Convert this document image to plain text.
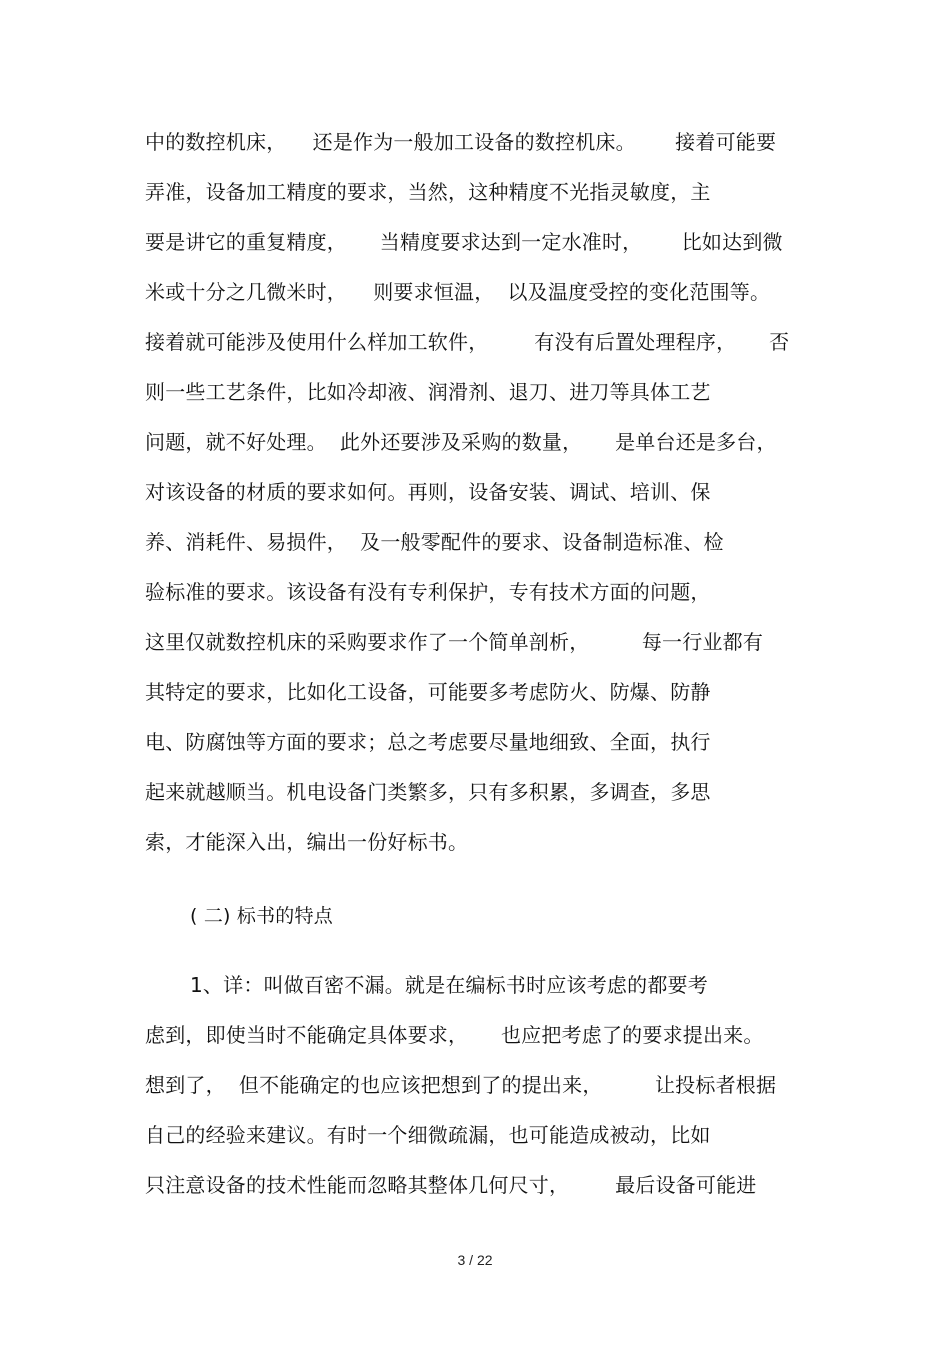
中的数控机床，    还是作为一般加工设备的数控机床。      接着可能要
弄准，设备加工精度的要求，当然，这种精度不光指灵敏度，主
要是讲它的重复精度，     当精度要求达到一定水准时，      比如达到微
米或十分之几微米时，    则要求恒温，  以及温度受控的变化范围等。
接着就可能涉及使用什么样加工软件，       有没有后置处理程序，     否
则一些工艺条件，比如冷却液、润滑剂、退刀、进刀等具体工艺
问题，就不好处理。  此外还要涉及采购的数量，     是单台还是多台，
对该设备的材质的要求如何。再则，设备安装、调试、培训、保
养、消耗件、易损件，  及一般零配件的要求、设备制造标准、检
验标准的要求。该设备有没有专利保护，专有技术方面的问题，
这里仅就数控机床的采购要求作了一个简单剖析，        每一行业都有
其特定的要求，比如化工设备，可能要多考虑防火、防爆、防静
电、防腐蚀等方面的要求；总之考虑要尽量地细致、全面，执行
起来就越顺当。机电设备门类繁多，只有多积累，多调查，多思
索，才能深入出，编出一份好标书。
( 二) 标书的特点
1、详：叫做百密不漏。就是在编标书时应该考虑的都要考
虑到，即使当时不能确定具体要求，     也应把考虑了的要求提出来。
想到了，  但不能确定的也应该把想到了的提出来，        让投标者根据
自己的经验来建议。有时一个细微疏漏，也可能造成被动，比如
只注意设备的技术性能而忽略其整体几何尺寸，       最后设备可能进
3 / 22
